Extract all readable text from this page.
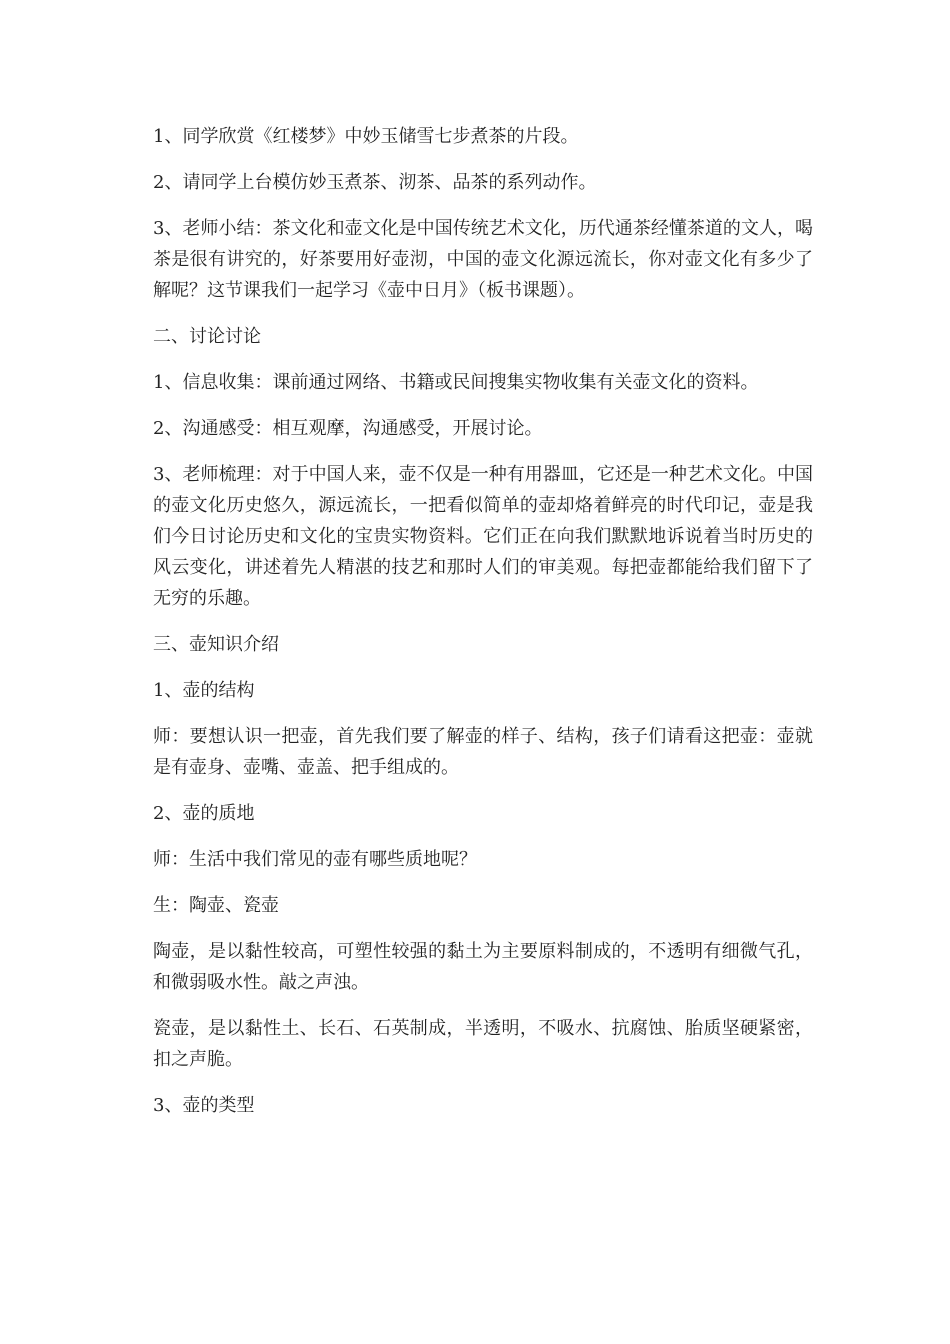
1、同学欣赏《红楼梦》中妙玉储雪七步煮茶的片段。

2、请同学上台模仿妙玉煮茶、沏茶、品茶的系列动作。

3、老师小结：茶文化和壶文化是中国传统艺术文化，历代通茶经懂茶道的文人，喝茶是很有讲究的，好茶要用好壶沏，中国的壶文化源远流长，你对壶文化有多少了解呢？这节课我们一起学习《壶中日月》（板书课题）。

二、讨论讨论

1、信息收集：课前通过网络、书籍或民间搜集实物收集有关壶文化的资料。

2、沟通感受：相互观摩，沟通感受，开展讨论。

3、老师梳理：对于中国人来，壶不仅是一种有用器皿，它还是一种艺术文化。中国的壶文化历史悠久，源远流长，一把看似简单的壶却烙着鲜亮的时代印记，壶是我们今日讨论历史和文化的宝贵实物资料。它们正在向我们默默地诉说着当时历史的风云变化，讲述着先人精湛的技艺和那时人们的审美观。每把壶都能给我们留下了无穷的乐趣。

三、壶知识介绍

1、壶的结构

师：要想认识一把壶，首先我们要了解壶的样子、结构，孩子们请看这把壶：壶就是有壶身、壶嘴、壶盖、把手组成的。

2、壶的质地

师：生活中我们常见的壶有哪些质地呢？

生：陶壶、瓷壶

陶壶，是以黏性较高，可塑性较强的黏土为主要原料制成的，不透明有细微气孔，和微弱吸水性。敲之声浊。

瓷壶，是以黏性土、长石、石英制成，半透明，不吸水、抗腐蚀、胎质坚硬紧密，扣之声脆。

3、壶的类型
